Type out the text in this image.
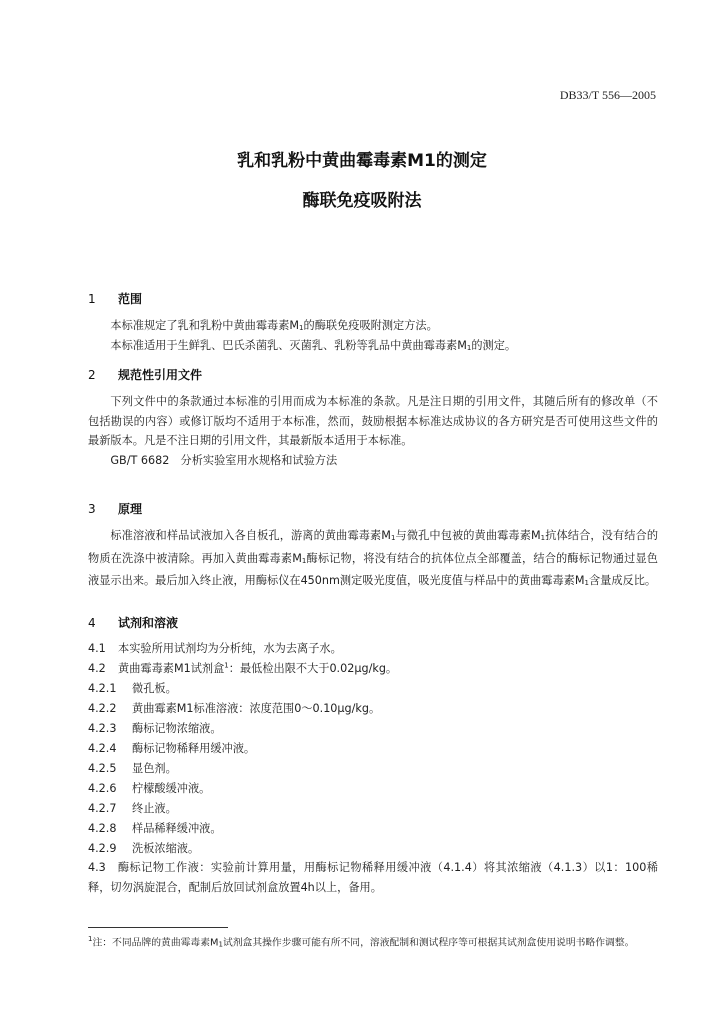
DB33/T 556—2005
乳和乳粉中黄曲霉毒素M1的测定
酶联免疫吸附法
1 范围
本标准规定了乳和乳粉中黄曲霉毒素$M_1$的酶联免疫吸附测定方法。
本标准适用于生鲜乳、巴氏杀菌乳、灭菌乳、乳粉等乳品中黄曲霉毒素$M_1$的测定。
2 规范性引用文件
下列文件中的条款通过本标准的引用而成为本标准的条款。凡是注日期的引用文件，其随后所有的修改单（不包括勘误的内容）或修订版均不适用于本标准，然而，鼓励根据本标准达成协议的各方研究是否可使用这些文件的最新版本。凡是不注日期的引用文件，其最新版本适用于本标准。
GB/T 6682　分析实验室用水规格和试验方法
3 原理
标准溶液和样品试液加入各自板孔，游离的黄曲霉毒素$M_1$与微孔中包被的黄曲霉毒素$M_1$抗体结合，没有结合的物质在洗涤中被清除。再加入黄曲霉毒素$M_1$酶标记物，将没有结合的抗体位点全部覆盖，结合的酶标记物通过显色液显示出来。最后加入终止液，用酶标仪在450nm测定吸光度值，吸光度值与样品中的黄曲霉毒素$M_1$含量成反比。
4 试剂和溶液
4.1 本实验所用试剂均为分析纯，水为去离子水。
4.2 黄曲霉毒素M1试剂盒$^1$：最低检出限不大于0.02μg/kg。
4.2.1 微孔板。
4.2.2 黄曲霉素M1标准溶液：浓度范围0～0.10μg/kg。
4.2.3 酶标记物浓缩液。
4.2.4 酶标记物稀释用缓冲液。
4.2.5 显色剂。
4.2.6 柠檬酸缓冲液。
4.2.7 终止液。
4.2.8 样品稀释缓冲液。
4.2.9 洗板浓缩液。
4.3　酶标记物工作液：实验前计算用量，用酶标记物稀释用缓冲液（4.1.4）将其浓缩液（4.1.3）以1：100稀释，切勿涡旋混合，配制后放回试剂盒放置4h以上，备用。
$^1$注：不同品牌的黄曲霉毒素$M_1$试剂盒其操作步骤可能有所不同，溶液配制和测试程序等可根据其试剂盒使用说明书略作调整。
